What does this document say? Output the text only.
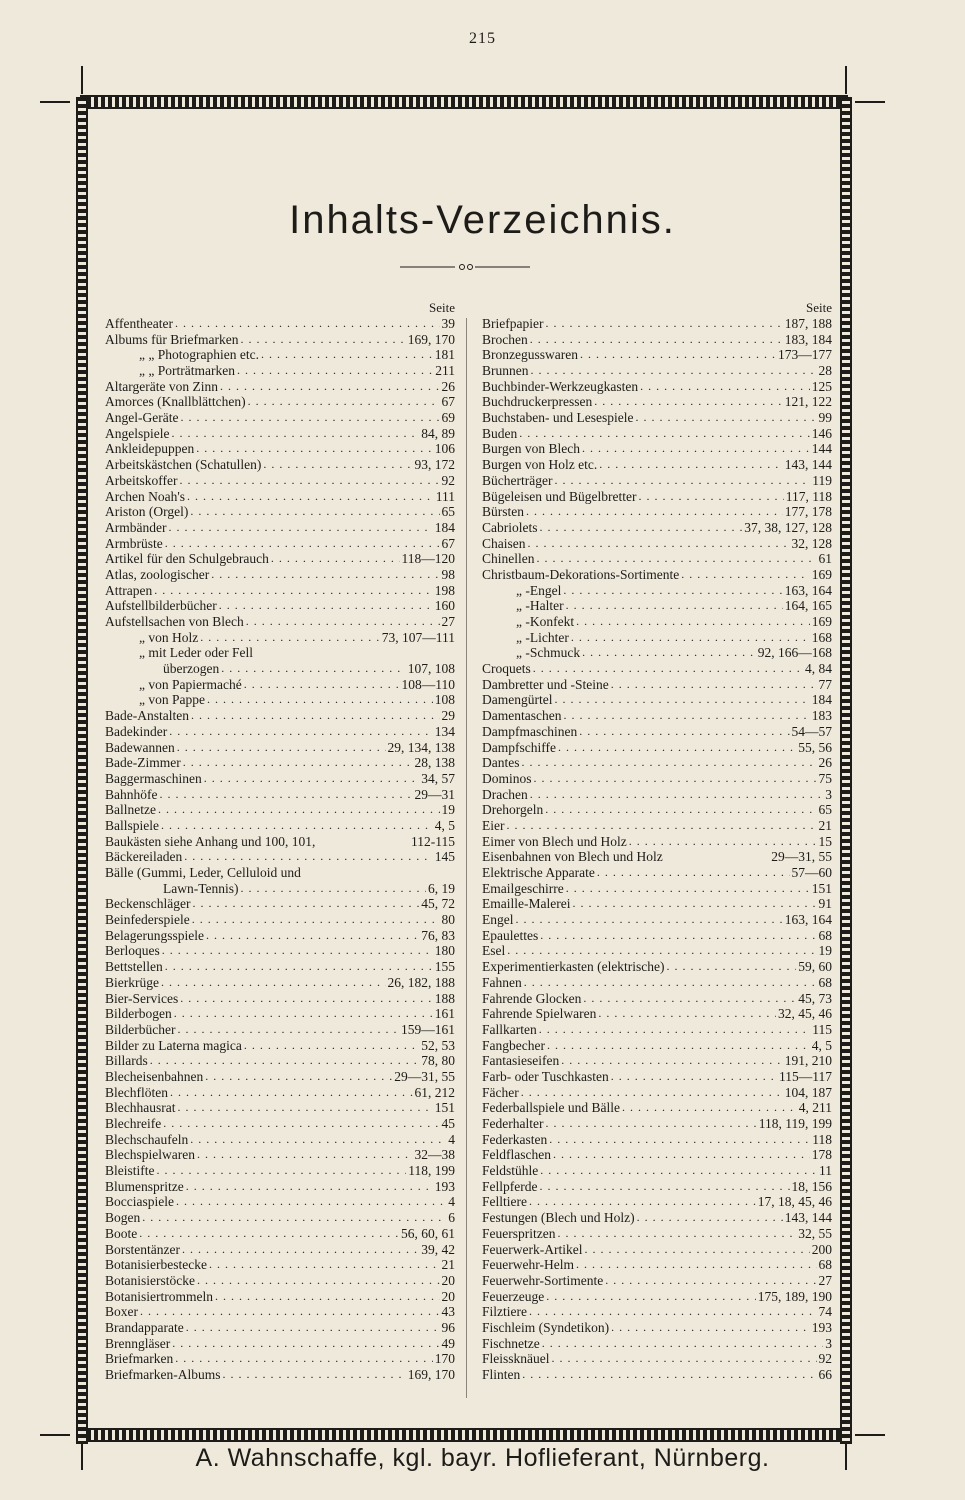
215
Inhalts-Verzeichnis.
Seite
Affentheater . . .	39
Albums für Briefmarken . . .	169, 170
„ „ Photographien etc. . . .	181
„ „ Porträtmarken . . .	211
Altargeräte von Zinn . . .	26
Amorces (Knallblättchen) . . .	67
Angel-Geräte . . .	69
Angelspiele . . .	84, 89
Ankleidepuppen . . .	106
Arbeitskästchen (Schatullen) . . .	93, 172
Arbeitskoffer . . .	92
Archen Noah's . . .	111
Ariston (Orgel) . . .	65
Armbänder . . .	184
Armbrüste . . .	67
Artikel für den Schulgebrauch . . .	118—120
Atlas, zoologischer . . .	98
Attrapen . . .	198
Aufstellbilderbücher . . .	160
Aufstellsachen von Blech . . .	27
„ von Holz . . .	73, 107—111
„ mit Leder oder Fell
überzogen . . .	107, 108
„ von Papiermaché . . .	108—110
„ von Pappe . . .	108
Bade-Anstalten . . .	29
Badekinder . . .	134
Badewannen . . .	29, 134, 138
Bade-Zimmer . . .	28, 138
Baggermaschinen . . .	34, 57
Bahnhöfe . . .	29—31
Ballnetze . . .	19
Ballspiele . . .	4, 5
Baukästen siehe Anhang und 100, 101,	112-115
Bäckereiladen . . .	145
Bälle (Gummi, Leder, Celluloid und
Lawn-Tennis) . . .	6, 19
Beckenschläger . . .	45, 72
Beinfederspiele . . .	80
Belagerungsspiele . . .	76, 83
Berloques . . .	180
Bettstellen . . .	155
Bierkrüge . . .	26, 182, 188
Bier-Services . . .	188
Bilderbogen . . .	161
Bilderbücher . . .	159—161
Bilder zu Laterna magica . . .	52, 53
Billards . . .	78, 80
Blecheisenbahnen . . .	29—31, 55
Blechflöten . . .	61, 212
Blechhausrat . . .	151
Blechreife . . .	45
Blechschaufeln . . .	4
Blechspielwaren . . .	32—38
Bleistifte . . .	118, 199
Blumenspritze . . .	193
Bocciaspiele . . .	4
Bogen . . .	6
Boote . . .	56, 60, 61
Borstentänzer . . .	39, 42
Botanisierbestecke . . .	21
Botanisierstöcke . . .	20
Botanisiertrommeln . . .	20
Boxer . . .	43
Brandapparate . . .	96
Brenngläser . . .	49
Briefmarken . . .	170
Briefmarken-Albums . . .	169, 170
Seite
Briefpapier . . .	187, 188
Brochen . . .	183, 184
Bronzegusswaren . . .	173—177
Brunnen . . .	28
Buchbinder-Werkzeugkasten . . .	125
Buchdruckerpressen . . .	121, 122
Buchstaben- und Lesespiele . . .	99
Buden . . .	146
Burgen von Blech . . .	144
Burgen von Holz etc. . . .	143, 144
Bücherträger . . .	119
Bügeleisen und Bügelbretter . . .	117, 118
Bürsten . . .	177, 178
Cabriolets . . .	37, 38, 127, 128
Chaisen . . .	32, 128
Chinellen . . .	61
Christbaum-Dekorations-Sortimente . . .	169
„ -Engel . . .	163, 164
„ -Halter . . .	164, 165
„ -Konfekt . . .	169
„ -Lichter . . .	168
„ -Schmuck . . .	92, 166—168
Croquets . . .	4, 84
Dambretter und -Steine . . .	77
Damengürtel . . .	184
Damentaschen . . .	183
Dampfmaschinen . . .	54—57
Dampfschiffe . . .	55, 56
Dantes . . .	26
Dominos . . .	75
Drachen . . .	3
Drehorgeln . . .	65
Eier . . .	21
Eimer von Blech und Holz . . .	15
Eisenbahnen von Blech und Holz	29—31, 55
Elektrische Apparate . . .	57—60
Emailgeschirre . . .	151
Emaille-Malerei . . .	91
Engel . . .	163, 164
Epaulettes . . .	68
Esel . . .	19
Experimentierkasten (elektrische) . . .	59, 60
Fahnen . . .	68
Fahrende Glocken . . .	45, 73
Fahrende Spielwaren . . .	32, 45, 46
Fallkarten . . .	115
Fangbecher . . .	4, 5
Fantasieseifen . . .	191, 210
Farb- oder Tuschkasten . . .	115—117
Fächer . . .	104, 187
Federballspiele und Bälle . . .	4, 211
Federhalter . . .	118, 119, 199
Federkasten . . .	118
Feldflaschen . . .	178
Feldstühle . . .	11
Fellpferde . . .	18, 156
Felltiere . . .	17, 18, 45, 46
Festungen (Blech und Holz) . . .	143, 144
Feuerspritzen . . .	32, 55
Feuerwerk-Artikel . . .	200
Feuerwehr-Helm . . .	68
Feuerwehr-Sortimente . . .	27
Feuerzeuge . . .	175, 189, 190
Filztiere . . .	74
Fischleim (Syndetikon) . . .	193
Fischnetze . . .	3
Fleissknäuel . . .	92
Flinten . . .	66
A. Wahnschaffe, kgl. bayr. Hoflieferant, Nürnberg.
